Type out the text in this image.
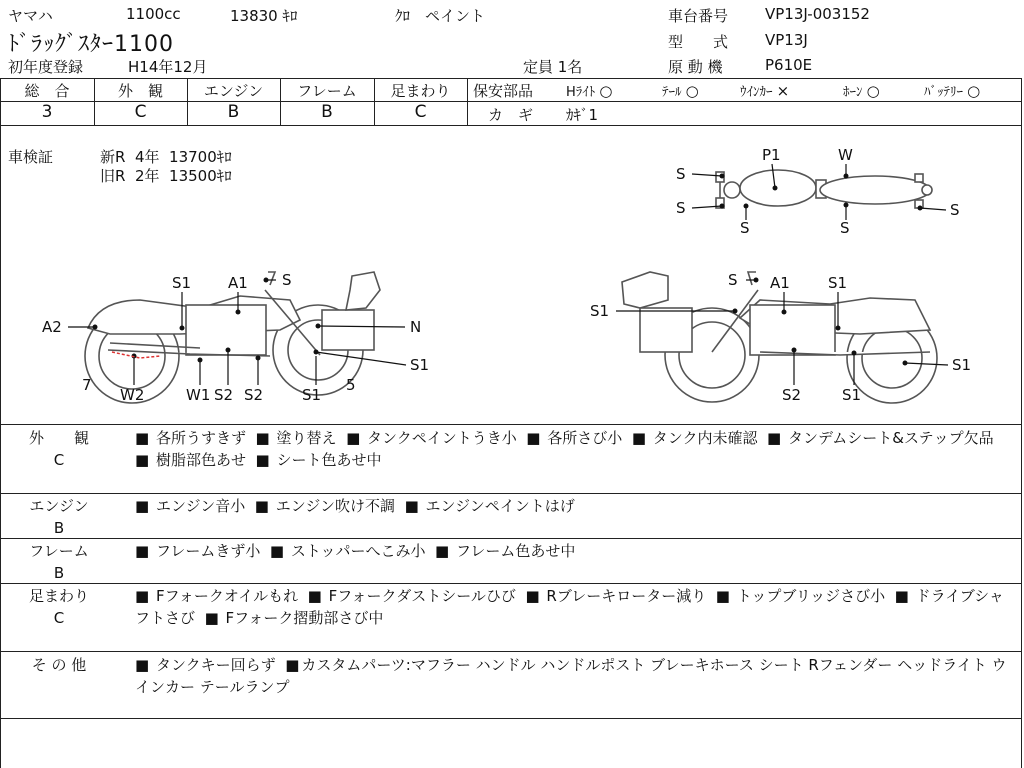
ヤマハ	1100cc	13830 ｷﾛ	ｸﾛ　ペイント
ﾄﾞﾗｯｸﾞｽﾀｰ1100
初年度登録	H14年12月	定員 1名
車台番号 VP13J-003152
型　　式 VP13J
原 動 機	P610E
総　合	外　観	エンジン	フレーム	足まわり
3	C	B	B	C
保安部品	Hﾗｲﾄ ○	ﾃｰﾙ ○	ｳｲﾝｶｰ ×	ﾎｰﾝ ○	ﾊﾞｯﾃﾘｰ ○
カ　ギ ｶｷﾞ1
車検証	新R  4年  13700ｷﾛ
旧R  2年  13500ｷﾛ
P1	W
S
S
S	S
S
S1 A1 S
A2	N
S1
7
W2	W1 S2 S2	S1
5
S A1	S1
S1
S1
S2	S1
外　　観
C
■ 各所うすきず ■ 塗り替え ■ タンクペイントうき小 ■ 各所さび小 ■ タンク内未確認 ■ タンデムシート&ステップ欠品  ■ 樹脂部色あせ ■ シート色あせ中
エンジン
B
■ エンジン音小 ■ エンジン吹け不調 ■ エンジンペイントはげ
フレーム
B
■ フレームきず小 ■ ストッパーへこみ小 ■ フレーム色あせ中
足まわり
C
■ Fフォークオイルもれ ■ Fフォークダストシールひび ■ Rブレーキローター減り ■ トップブリッジさび小 ■ ドライブシャフトさび ■ Fフォーク摺動部さび中
そ の 他	■ タンクキー回らず ■ カスタムパーツ:マフラー ハンドル ハンドルポスト ブレーキホース シート Rフェンダー ヘッドライト ウインカー テールランプ
